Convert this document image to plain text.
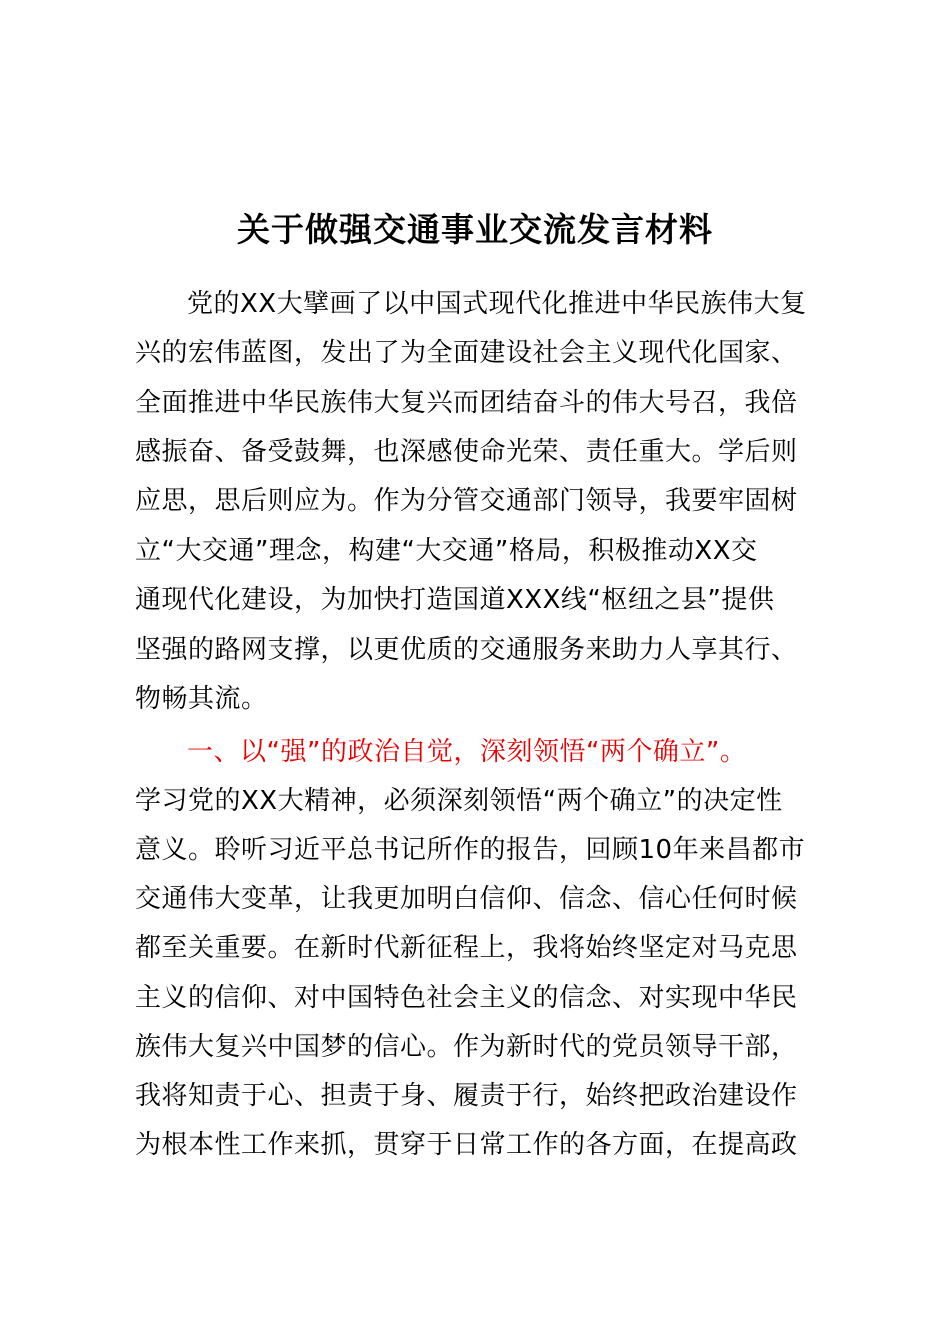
关于做强交通事业交流发言材料
党的XX大擘画了以中国式现代化推进中华民族伟大复
兴的宏伟蓝图，发出了为全面建设社会主义现代化国家、
全面推进中华民族伟大复兴而团结奋斗的伟大号召，我倍
感振奋、备受鼓舞，也深感使命光荣、责任重大。学后则
应思，思后则应为。作为分管交通部门领导，我要牢固树
立“大交通”理念，构建“大交通”格局，积极推动XX交
通现代化建设，为加快打造国道XXX线“枢纽之县”提供
坚强的路网支撑，以更优质的交通服务来助力人享其行、
物畅其流。
一、以“强”的政治自觉，深刻领悟“两个确立”。
学习党的XX大精神，必须深刻领悟“两个确立”的决定性
意义。聆听习近平总书记所作的报告，回顾10年来昌都市
交通伟大变革，让我更加明白信仰、信念、信心任何时候
都至关重要。在新时代新征程上，我将始终坚定对马克思
主义的信仰、对中国特色社会主义的信念、对实现中华民
族伟大复兴中国梦的信心。作为新时代的党员领导干部，
我将知责于心、担责于身、履责于行，始终把政治建设作
为根本性工作来抓，贯穿于日常工作的各方面，在提高政
